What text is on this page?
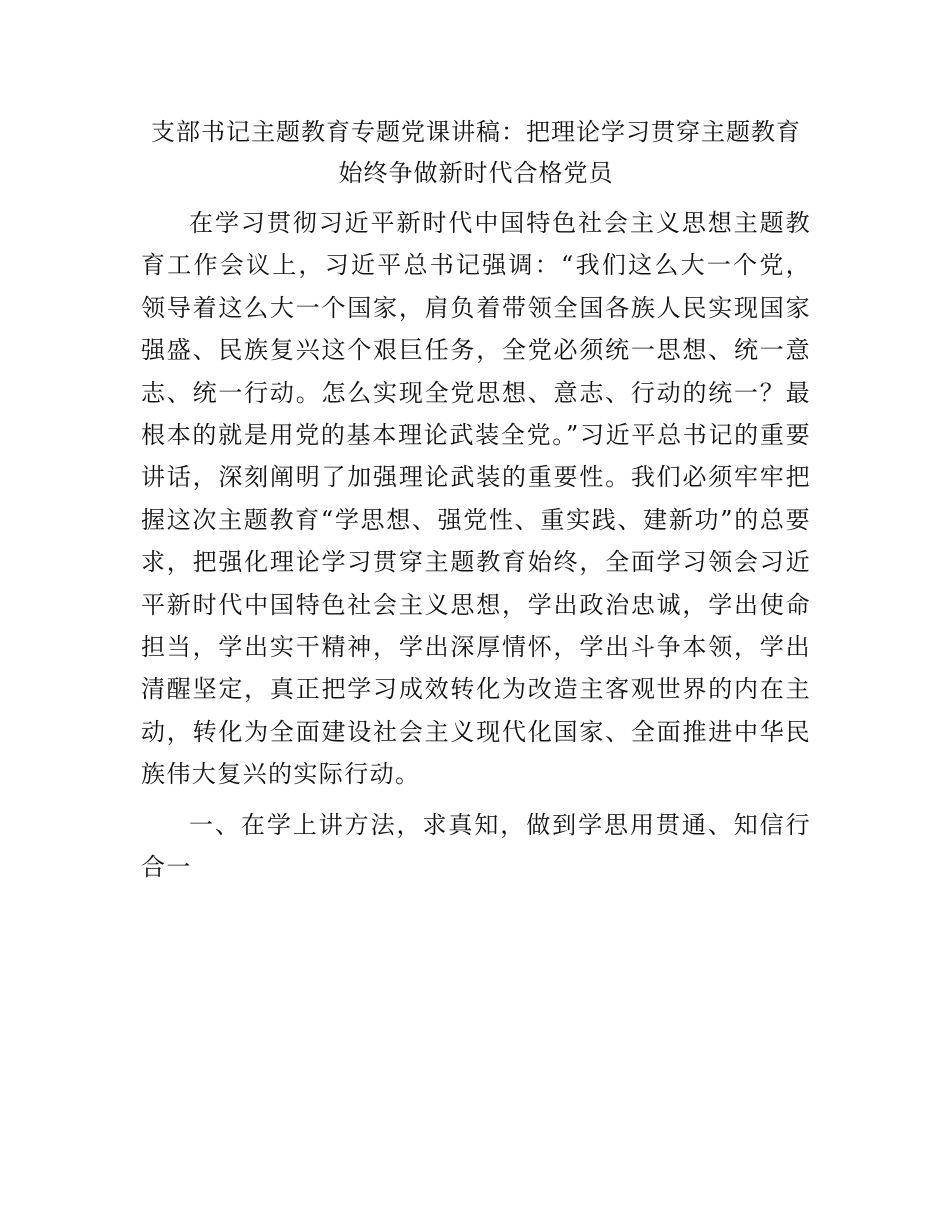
支部书记主题教育专题党课讲稿：把理论学习贯穿主题教育始终争做新时代合格党员

在学习贯彻习近平新时代中国特色社会主义思想主题教育工作会议上，习近平总书记强调：“我们这么大一个党，领导着这么大一个国家，肩负着带领全国各族人民实现国家强盛、民族复兴这个艰巨任务，全党必须统一思想、统一意志、统一行动。怎么实现全党思想、意志、行动的统一？最根本的就是用党的基本理论武装全党。”习近平总书记的重要讲话，深刻阐明了加强理论武装的重要性。我们必须牢牢把握这次主题教育“学思想、强党性、重实践、建新功”的总要求，把强化理论学习贯穿主题教育始终，全面学习领会习近平新时代中国特色社会主义思想，学出政治忠诚，学出使命担当，学出实干精神，学出深厚情怀，学出斗争本领，学出清醒坚定，真正把学习成效转化为改造主客观世界的内在主动，转化为全面建设社会主义现代化国家、全面推进中华民族伟大复兴的实际行动。

一、在学上讲方法，求真知，做到学思用贯通、知信行合一
